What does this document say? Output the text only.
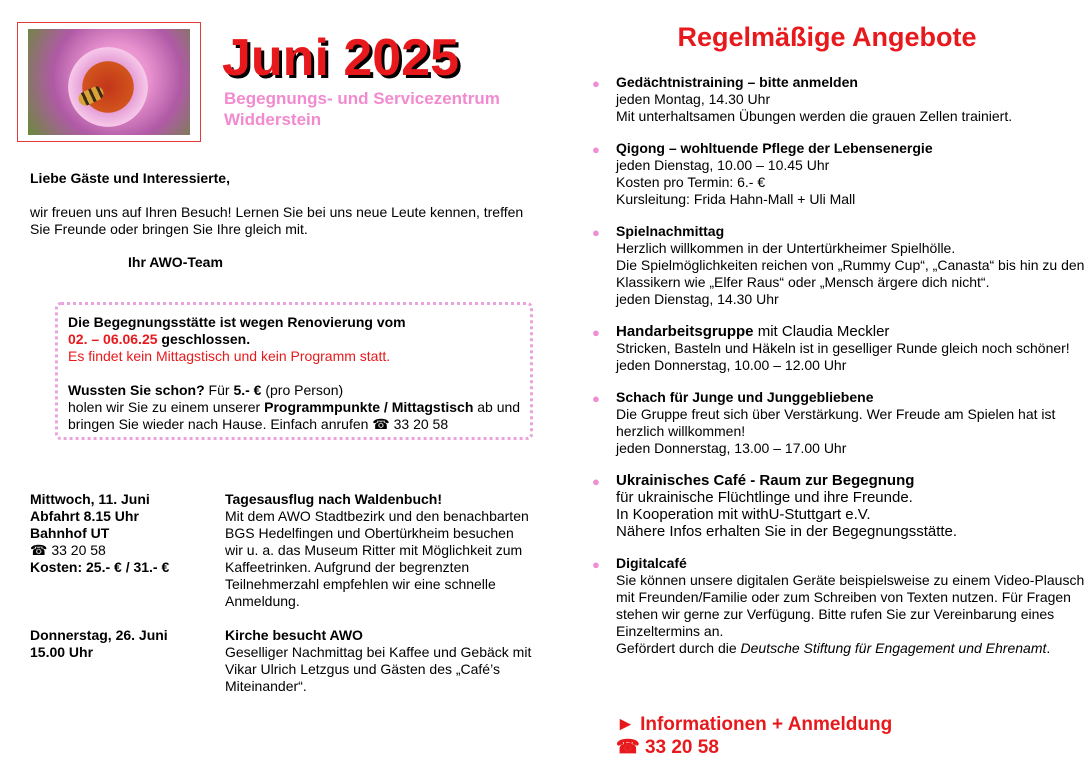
Juni 2025
Begegnungs- und Servicezentrum
Widderstein
Liebe Gäste und Interessierte,
wir freuen uns auf Ihren Besuch! Lernen Sie bei uns neue Leute kennen, treffen Sie Freunde oder bringen Sie Ihre gleich mit.
Ihr AWO-Team
Die Begegnungsstätte ist wegen Renovierung vom
02. – 06.06.25 geschlossen.
Es findet kein Mittagstisch und kein Programm statt.
Wussten Sie schon? Für 5.- € (pro Person)
holen wir Sie zu einem unserer Programmpunkte / Mittagstisch ab und bringen Sie wieder nach Hause. Einfach anrufen ☎ 33 20 58
Mittwoch, 11. Juni
Abfahrt 8.15 Uhr
Bahnhof UT
☎ 33 20 58
Kosten: 25.- € / 31.- €
Tagesausflug nach Waldenbuch!
Mit dem AWO Stadtbezirk und den benachbarten BGS Hedelfingen und Obertürkheim besuchen wir u. a. das Museum Ritter mit Möglichkeit zum Kaffeetrinken. Aufgrund der begrenzten Teilnehmerzahl empfehlen wir eine schnelle Anmeldung.
Donnerstag, 26. Juni
15.00 Uhr
Kirche besucht AWO
Geselliger Nachmittag bei Kaffee und Gebäck mit Vikar Ulrich Letzgus und Gästen des „Café’s Miteinander“.
Regelmäßige Angebote
● Gedächtnistraining – bitte anmelden
jeden Montag, 14.30 Uhr
Mit unterhaltsamen Übungen werden die grauen Zellen trainiert.
● Qigong – wohltuende Pflege der Lebensenergie
jeden Dienstag, 10.00 – 10.45 Uhr
Kosten pro Termin: 6.- €
Kursleitung: Frida Hahn-Mall + Uli Mall
● Spielnachmittag
Herzlich willkommen in der Untertürkheimer Spielhölle.
Die Spielmöglichkeiten reichen von „Rummy Cup“, „Canasta“ bis hin zu den Klassikern wie „Elfer Raus“ oder „Mensch ärgere dich nicht“.
jeden Dienstag, 14.30 Uhr
● Handarbeitsgruppe mit Claudia Meckler
Stricken, Basteln und Häkeln ist in geselliger Runde gleich noch schöner!
jeden Donnerstag, 10.00 – 12.00 Uhr
● Schach für Junge und Junggebliebene
Die Gruppe freut sich über Verstärkung. Wer Freude am Spielen hat ist herzlich willkommen!
jeden Donnerstag, 13.00 – 17.00 Uhr
● Ukrainisches Café - Raum zur Begegnung
für ukrainische Flüchtlinge und ihre Freunde.
In Kooperation mit withU-Stuttgart e.V.
Nähere Infos erhalten Sie in der Begegnungsstätte.
● Digitalcafé
Sie können unsere digitalen Geräte beispielsweise zu einem Video-Plausch mit Freunden/Familie oder zum Schreiben von Texten nutzen. Für Fragen stehen wir gerne zur Verfügung. Bitte rufen Sie zur Vereinbarung eines Einzeltermins an.
Gefördert durch die Deutsche Stiftung für Engagement und Ehrenamt.
► Informationen + Anmeldung
☎ 33 20 58
